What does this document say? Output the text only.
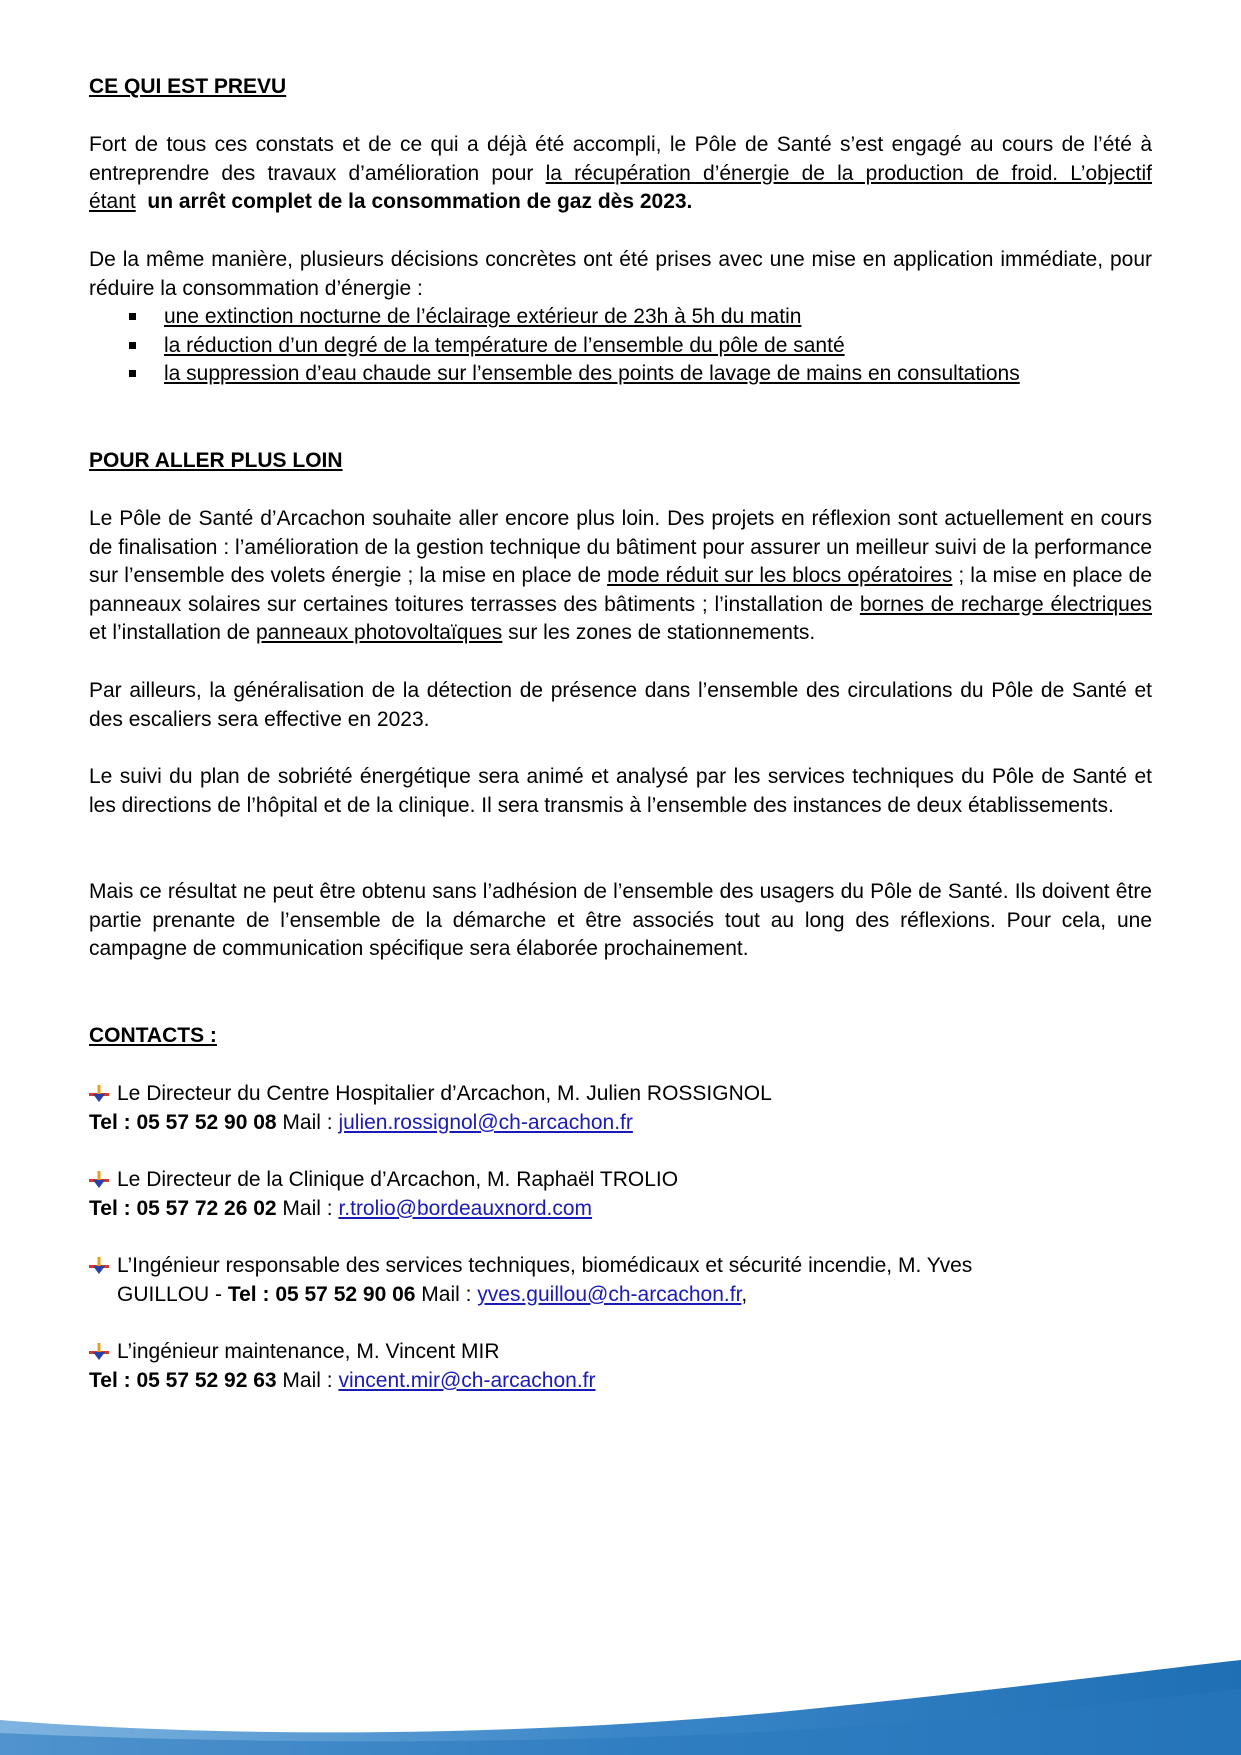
CE QUI EST PREVU

Fort de tous ces constats et de ce qui a déjà été accompli, le Pôle de Santé s’est engagé au cours de l’été à entreprendre des travaux d’amélioration pour la récupération d’énergie de la production de froid. L’objectif étant un arrêt complet de la consommation de gaz dès 2023.

De la même manière, plusieurs décisions concrètes ont été prises avec une mise en application immédiate, pour réduire la consommation d’énergie :

une extinction nocturne de l’éclairage extérieur de 23h à 5h du matin
la réduction d’un degré de la température de l’ensemble du pôle de santé
la suppression d’eau chaude sur l’ensemble des points de lavage de mains en consultations
POUR ALLER PLUS LOIN

Le Pôle de Santé d’Arcachon souhaite aller encore plus loin. Des projets en réflexion sont actuellement en cours de finalisation : l’amélioration de la gestion technique du bâtiment pour assurer un meilleur suivi de la performance sur l’ensemble des volets énergie ; la mise en place de mode réduit sur les blocs opératoires ; la mise en place de panneaux solaires sur certaines toitures terrasses des bâtiments ; l’installation de bornes de recharge électriques et l’installation de panneaux photovoltaïques sur les zones de stationnements.

Par ailleurs, la généralisation de la détection de présence dans l’ensemble des circulations du Pôle de Santé et des escaliers sera effective en 2023.

Le suivi du plan de sobriété énergétique sera animé et analysé par les services techniques du Pôle de Santé et les directions de l’hôpital et de la clinique. Il sera transmis à l’ensemble des instances de deux établissements.

Mais ce résultat ne peut être obtenu sans l’adhésion de l’ensemble des usagers du Pôle de Santé. Ils doivent être partie prenante de l’ensemble de la démarche et être associés tout au long des réflexions. Pour cela, une campagne de communication spécifique sera élaborée prochainement.

CONTACTS :
Le Directeur du Centre Hospitalier d’Arcachon, M. Julien ROSSIGNOL
Tel : 05 57 52 90 08 Mail : julien.rossignol@ch-arcachon.fr
Le Directeur de la Clinique d’Arcachon, M. Raphaël TROLIO
Tel : 05 57 72 26 02 Mail : r.trolio@bordeauxnord.com
L’Ingénieur responsable des services techniques, biomédicaux et sécurité incendie, M. Yves
GUILLOU - Tel : 05 57 52 90 06 Mail : yves.guillou@ch-arcachon.fr,
L’ingénieur maintenance, M. Vincent MIR
Tel : 05 57 52 92 63 Mail : vincent.mir@ch-arcachon.fr
